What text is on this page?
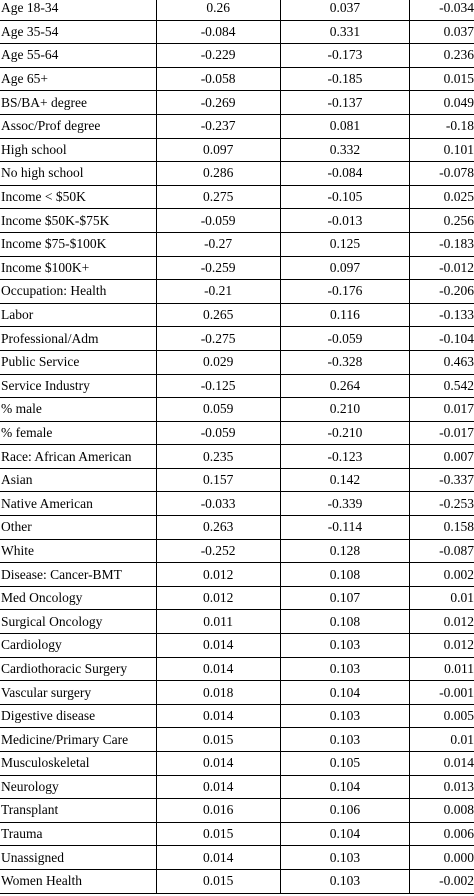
Age 18-34	0.26	0.037	-0.034
Age 35-54	-0.084	0.331	0.037
Age 55-64	-0.229	-0.173	0.236
Age 65+	-0.058	-0.185	0.015
BS/BA+ degree	-0.269	-0.137	0.049
Assoc/Prof degree	-0.237	0.081	-0.18
High school	0.097	0.332	0.101
No high school	0.286	-0.084	-0.078
Income < $50K	0.275	-0.105	0.025
Income $50K-$75K	-0.059	-0.013	0.256
Income $75-$100K	-0.27	0.125	-0.183
Income $100K+	-0.259	0.097	-0.012
Occupation: Health	-0.21	-0.176	-0.206
Labor	0.265	0.116	-0.133
Professional/Adm	-0.275	-0.059	-0.104
Public Service	0.029	-0.328	0.463
Service Industry	-0.125	0.264	0.542
% male	0.059	0.210	0.017
% female	-0.059	-0.210	-0.017
Race: African American	0.235	-0.123	0.007
Asian	0.157	0.142	-0.337
Native American	-0.033	-0.339	-0.253
Other	0.263	-0.114	0.158
White	-0.252	0.128	-0.087
Disease: Cancer-BMT	0.012	0.108	0.002
Med Oncology	0.012	0.107	0.01
Surgical Oncology	0.011	0.108	0.012
Cardiology	0.014	0.103	0.012
Cardiothoracic Surgery	0.014	0.103	0.011
Vascular surgery	0.018	0.104	-0.001
Digestive disease	0.014	0.103	0.005
Medicine/Primary Care	0.015	0.103	0.01
Musculoskeletal	0.014	0.105	0.014
Neurology	0.014	0.104	0.013
Transplant	0.016	0.106	0.008
Trauma	0.015	0.104	0.006
Unassigned	0.014	0.103	0.000
Women Health	0.015	0.103	-0.002
